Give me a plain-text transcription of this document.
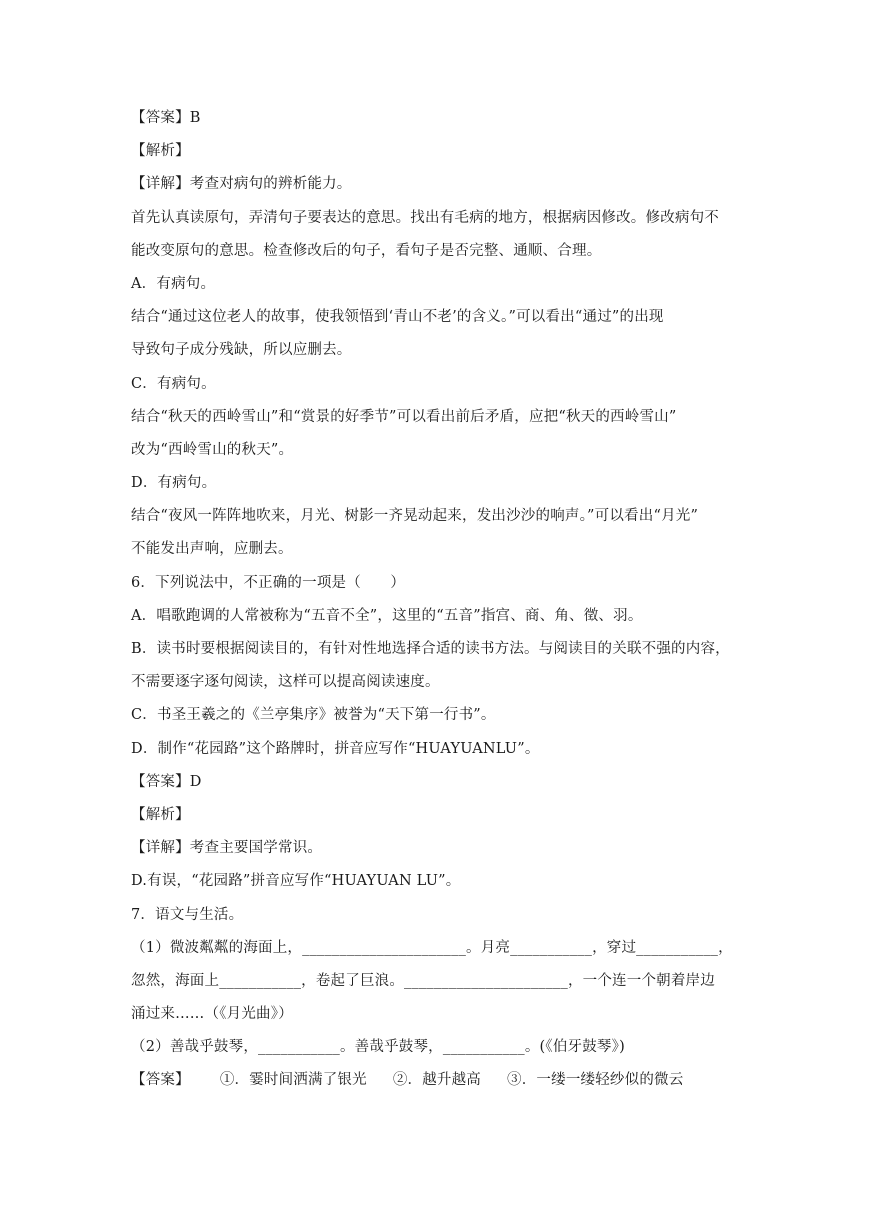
【答案】B
【解析】
【详解】考查对病句的辨析能力。
首先认真读原句，弄清句子要表达的意思。找出有毛病的地方，根据病因修改。修改病句不
能改变原句的意思。检查修改后的句子，看句子是否完整、通顺、合理。
A．有病句。
结合“通过这位老人的故事，使我领悟到‘青山不老’的含义。”可以看出“通过”的出现
导致句子成分残缺，所以应删去。
C．有病句。
结合“秋天的西岭雪山”和“赏景的好季节”可以看出前后矛盾，应把“秋天的西岭雪山”
改为“西岭雪山的秋天”。
D．有病句。
结合“夜风一阵阵地吹来，月光、树影一齐晃动起来，发出沙沙的响声。”可以看出“月光”
不能发出声响，应删去。
6．下列说法中，不正确的一项是（　　）
A．唱歌跑调的人常被称为“五音不全”，这里的“五音”指宫、商、角、徵、羽。
B．读书时要根据阅读目的，有针对性地选择合适的读书方法。与阅读目的关联不强的内容，
不需要逐字逐句阅读，这样可以提高阅读速度。
C．书圣王羲之的《兰亭集序》被誉为“天下第一行书”。
D．制作“花园路”这个路牌时，拼音应写作“HUAYUANLU”。
【答案】D
【解析】
【详解】考查主要国学常识。
D.有误，“花园路”拼音应写作“HUAYUAN LU”。
7．语文与生活。
（1）微波粼粼的海面上，______________________。月亮___________，穿过___________，
忽然，海面上___________，卷起了巨浪。______________________，一个连一个朝着岸边
涌过来……（《月光曲》）
（2）善哉乎鼓琴，___________。善哉乎鼓琴，___________。(《伯牙鼓琴》)
【答案】 ①．霎时间洒满了银光 ②．越升越高 ③．一缕一缕轻纱似的微云
